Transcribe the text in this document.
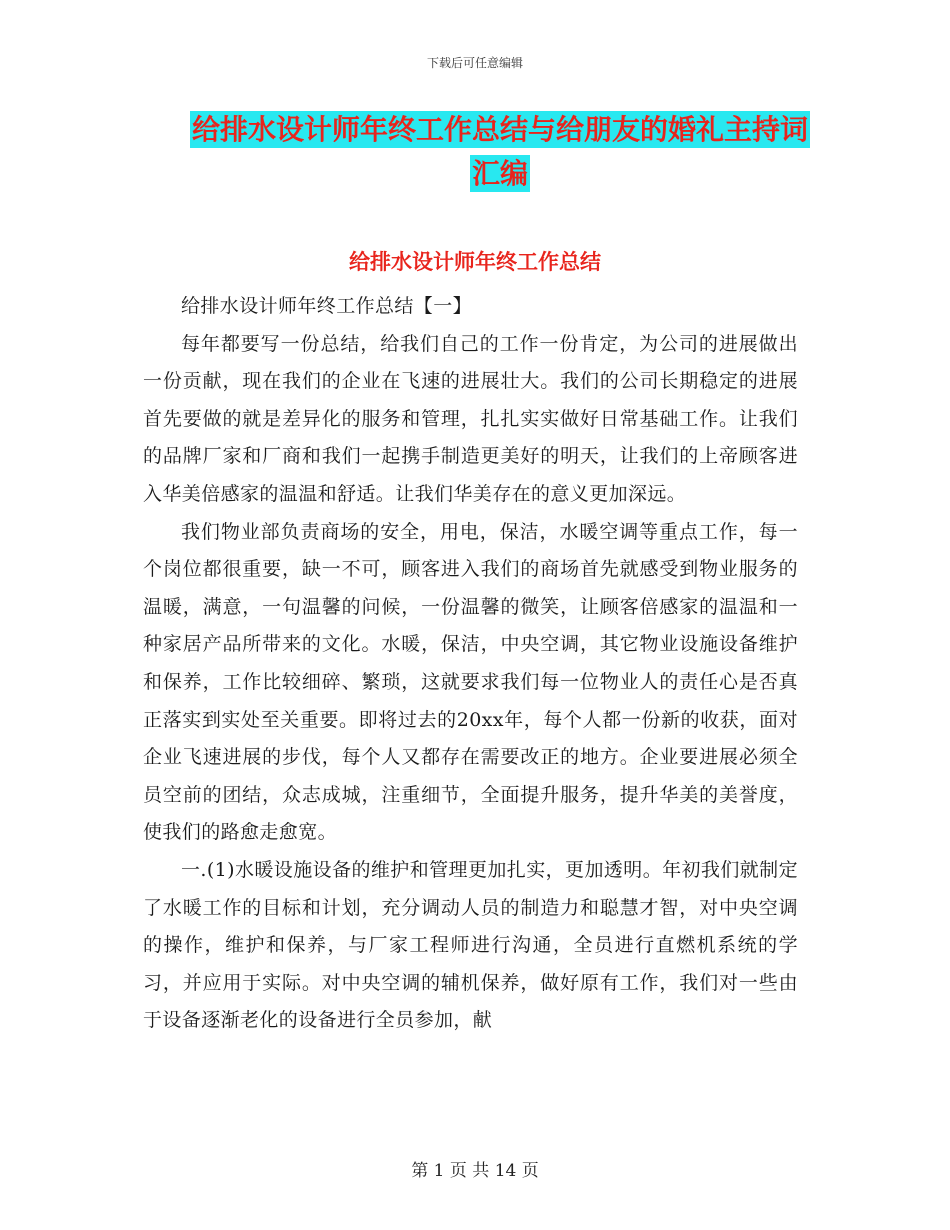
下载后可任意编辑
给排水设计师年终工作总结与给朋友的婚礼主持词汇编
给排水设计师年终工作总结

给排水设计师年终工作总结【一】

每年都要写一份总结，给我们自己的工作一份肯定，为公司的进展做出一份贡献，现在我们的企业在飞速的进展壮大。我们的公司长期稳定的进展首先要做的就是差异化的服务和管理，扎扎实实做好日常基础工作。让我们的品牌厂家和厂商和我们一起携手制造更美好的明天，让我们的上帝顾客进入华美倍感家的温温和舒适。让我们华美存在的意义更加深远。

我们物业部负责商场的安全，用电，保洁，水暖空调等重点工作，每一个岗位都很重要，缺一不可，顾客进入我们的商场首先就感受到物业服务的温暖，满意，一句温馨的问候，一份温馨的微笑，让顾客倍感家的温温和一种家居产品所带来的文化。水暖，保洁，中央空调，其它物业设施设备维护和保养，工作比较细碎、繁琐，这就要求我们每一位物业人的责任心是否真正落实到实处至关重要。即将过去的20xx年，每个人都一份新的收获，面对企业飞速进展的步伐，每个人又都存在需要改正的地方。企业要进展必须全员空前的团结，众志成城，注重细节，全面提升服务，提升华美的美誉度，使我们的路愈走愈宽。

一.(1)水暖设施设备的维护和管理更加扎实，更加透明。年初我们就制定了水暖工作的目标和计划，充分调动人员的制造力和聪慧才智，对中央空调的操作，维护和保养，与厂家工程师进行沟通，全员进行直燃机系统的学习，并应用于实际。对中央空调的辅机保养，做好原有工作，我们对一些由于设备逐渐老化的设备进行全员参加，献

第 1 页 共 14 页
